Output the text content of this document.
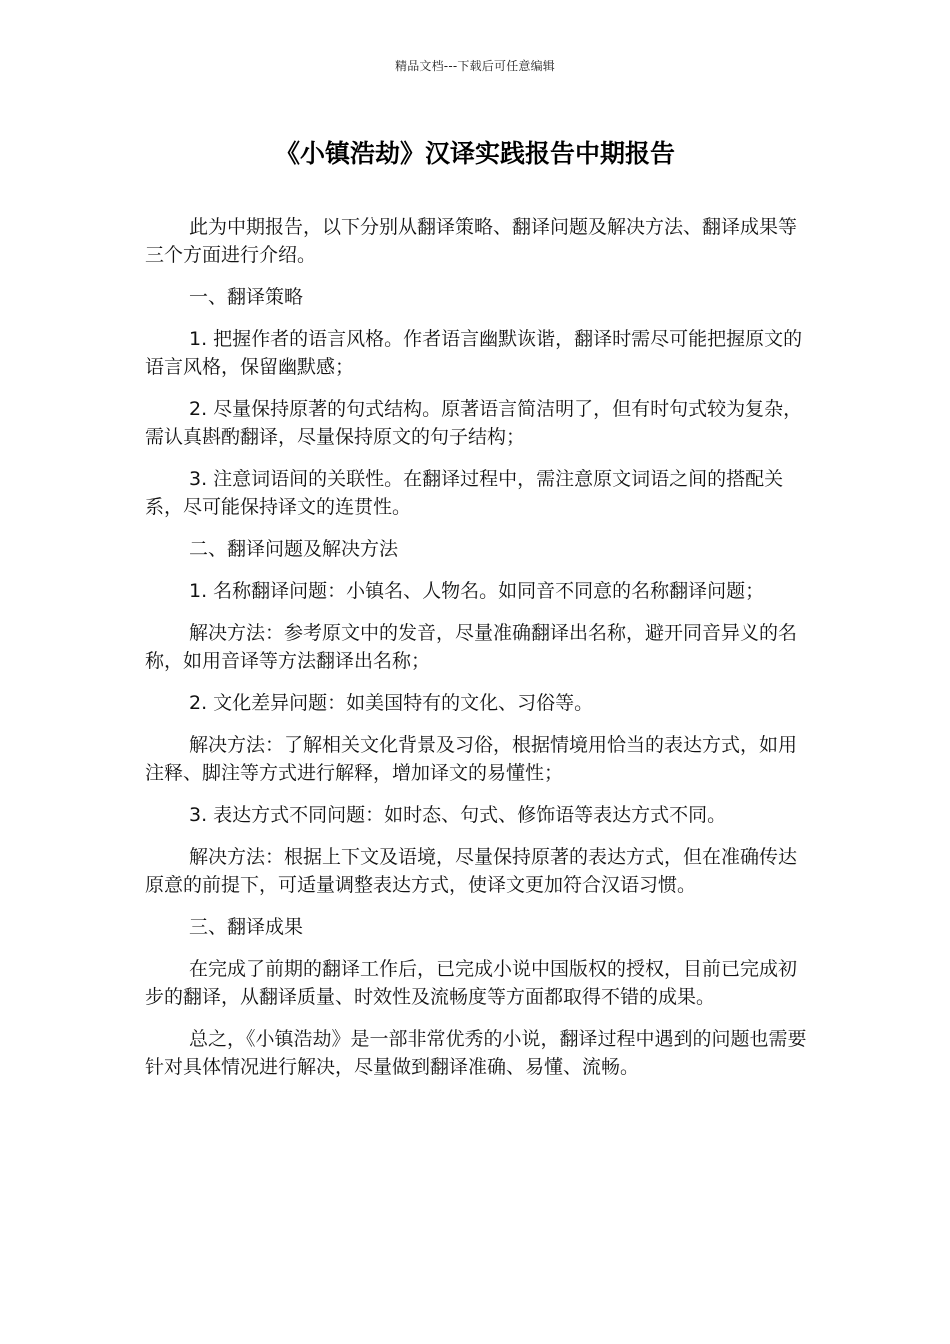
精品文档---下载后可任意编辑
《小镇浩劫》汉译实践报告中期报告

此为中期报告，以下分别从翻译策略、翻译问题及解决方法、翻译成果等三个方面进行介绍。

一、翻译策略

1. 把握作者的语言风格。作者语言幽默诙谐，翻译时需尽可能把握原文的语言风格，保留幽默感；

2. 尽量保持原著的句式结构。原著语言简洁明了，但有时句式较为复杂，需认真斟酌翻译，尽量保持原文的句子结构；

3. 注意词语间的关联性。在翻译过程中，需注意原文词语之间的搭配关系，尽可能保持译文的连贯性。

二、翻译问题及解决方法

1. 名称翻译问题：小镇名、人物名。如同音不同意的名称翻译问题；

解决方法：参考原文中的发音，尽量准确翻译出名称，避开同音异义的名称，如用音译等方法翻译出名称；

2. 文化差异问题：如美国特有的文化、习俗等。

解决方法：了解相关文化背景及习俗，根据情境用恰当的表达方式，如用注释、脚注等方式进行解释，增加译文的易懂性；

3. 表达方式不同问题：如时态、句式、修饰语等表达方式不同。

解决方法：根据上下文及语境，尽量保持原著的表达方式，但在准确传达原意的前提下，可适量调整表达方式，使译文更加符合汉语习惯。

三、翻译成果

在完成了前期的翻译工作后，已完成小说中国版权的授权，目前已完成初步的翻译，从翻译质量、时效性及流畅度等方面都取得不错的成果。

总之，《小镇浩劫》是一部非常优秀的小说，翻译过程中遇到的问题也需要针对具体情况进行解决，尽量做到翻译准确、易懂、流畅。
